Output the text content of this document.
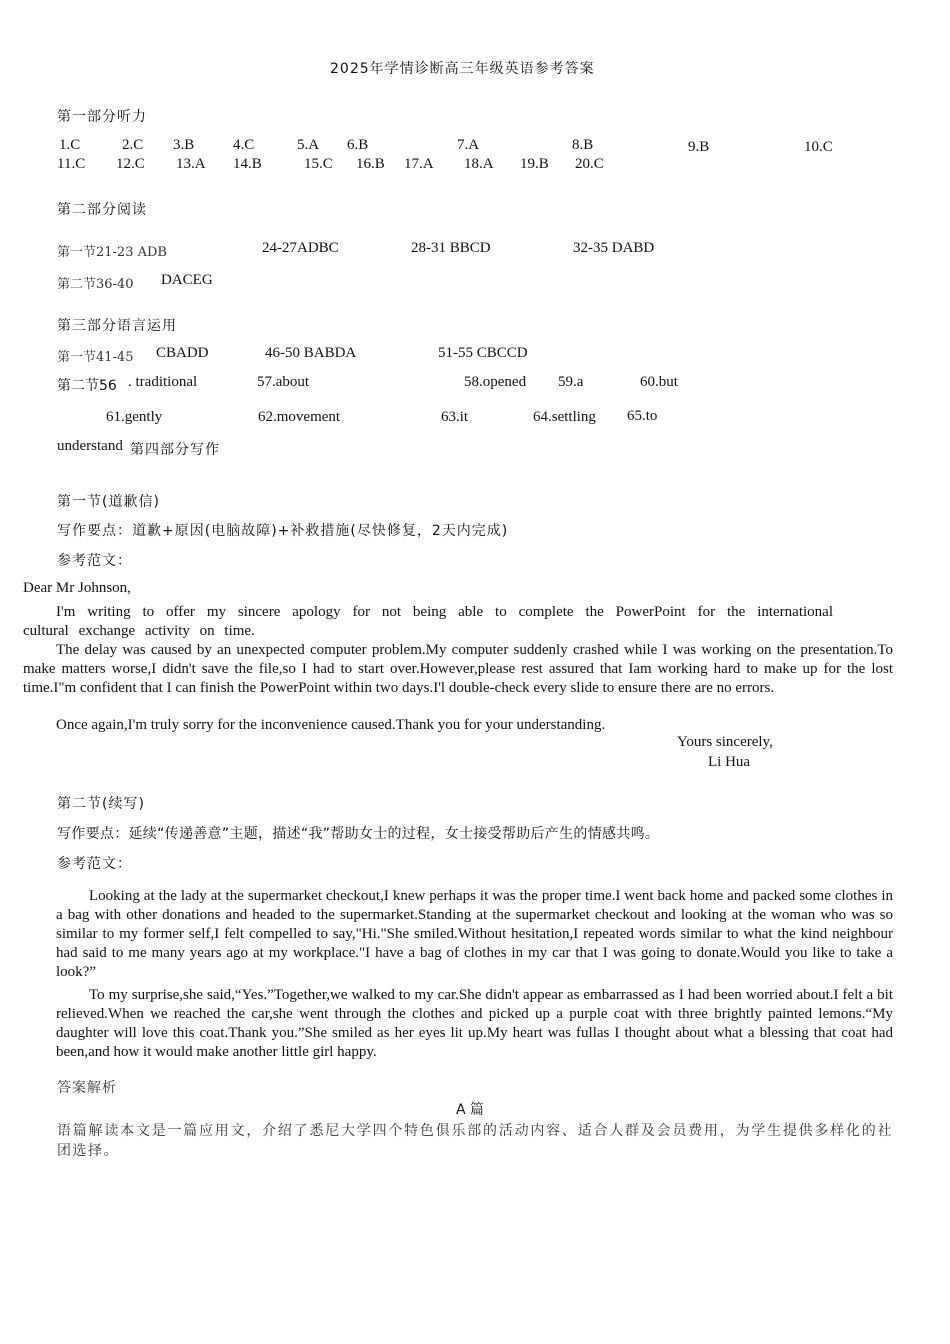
2025年学情诊断高三年级英语参考答案
第一部分听力
1.C	2.C 3.B	4.C	5.A 6.B	7.A	8.B	9.B	10.C
11.C 12.C 13.A 14.B	15.C 16.B 17.A 18.A 19.B 20.C
第二部分阅读
第一节21-23 ADB	24-27ADBC	28-31 BBCD	32-35 DABD
第二节36-40 DACEG
第三部分语言运用
第一节41-45 CBADD	46-50 BABDA	51-55 CBCCD
第二节56 . traditional	57.about	58.opened 59.a	60.but
61.gently	62.movement	63.it	64.settling 65.to
understand 第四部分写作
第一节(道歉信)
写作要点：道歉+原因(电脑故障)+补救措施(尽快修复，2天内完成)
参考范文：
Dear Mr Johnson,
I'm writing to offer my sincere apology for not being able to complete the PowerPoint for the international cultural exchange activity on time.
The delay was caused by an unexpected computer problem.My computer suddenly crashed while I was working on the presentation.To make matters worse,I didn't save the file,so I had to start over.However,please rest assured that Iam working hard to make up for the lost time.I"m confident that I can finish the PowerPoint within two days.I'l double-check every slide to ensure there are no errors.
Once again,I'm truly sorry for the inconvenience caused.Thank you for your understanding.
Yours sincerely,
Li Hua
第二节(续写)
写作要点：延续“传递善意”主题，描述“我”帮助女士的过程，女士接受帮助后产生的情感共鸣。
参考范文：
Looking at the lady at the supermarket checkout,I knew perhaps it was the proper time.I went back home and packed some clothes in a bag with other donations and headed to the supermarket.Standing at the supermarket checkout and looking at the woman who was so similar to my former self,I felt compelled to say,"Hi."She smiled.Without hesitation,I repeated words similar to what the kind neighbour had said to me many years ago at my workplace."I have a bag of clothes in my car that I was going to donate.Would you like to take a look?”
To my surprise,she said,“Yes.”Together,we walked to my car.She didn't appear as embarrassed as I had been worried about.I felt a bit relieved.When we reached the car,she went through the clothes and picked up a purple coat with three brightly painted lemons.“My daughter will love this coat.Thank you.”She smiled as her eyes lit up.My heart was fullas I thought about what a blessing that coat had been,and how it would make another little girl happy.
答案解析
A 篇
语篇解读本文是一篇应用文，介绍了悉尼大学四个特色俱乐部的活动内容、适合人群及会员费用，为学生提供多样化的社团选择。
